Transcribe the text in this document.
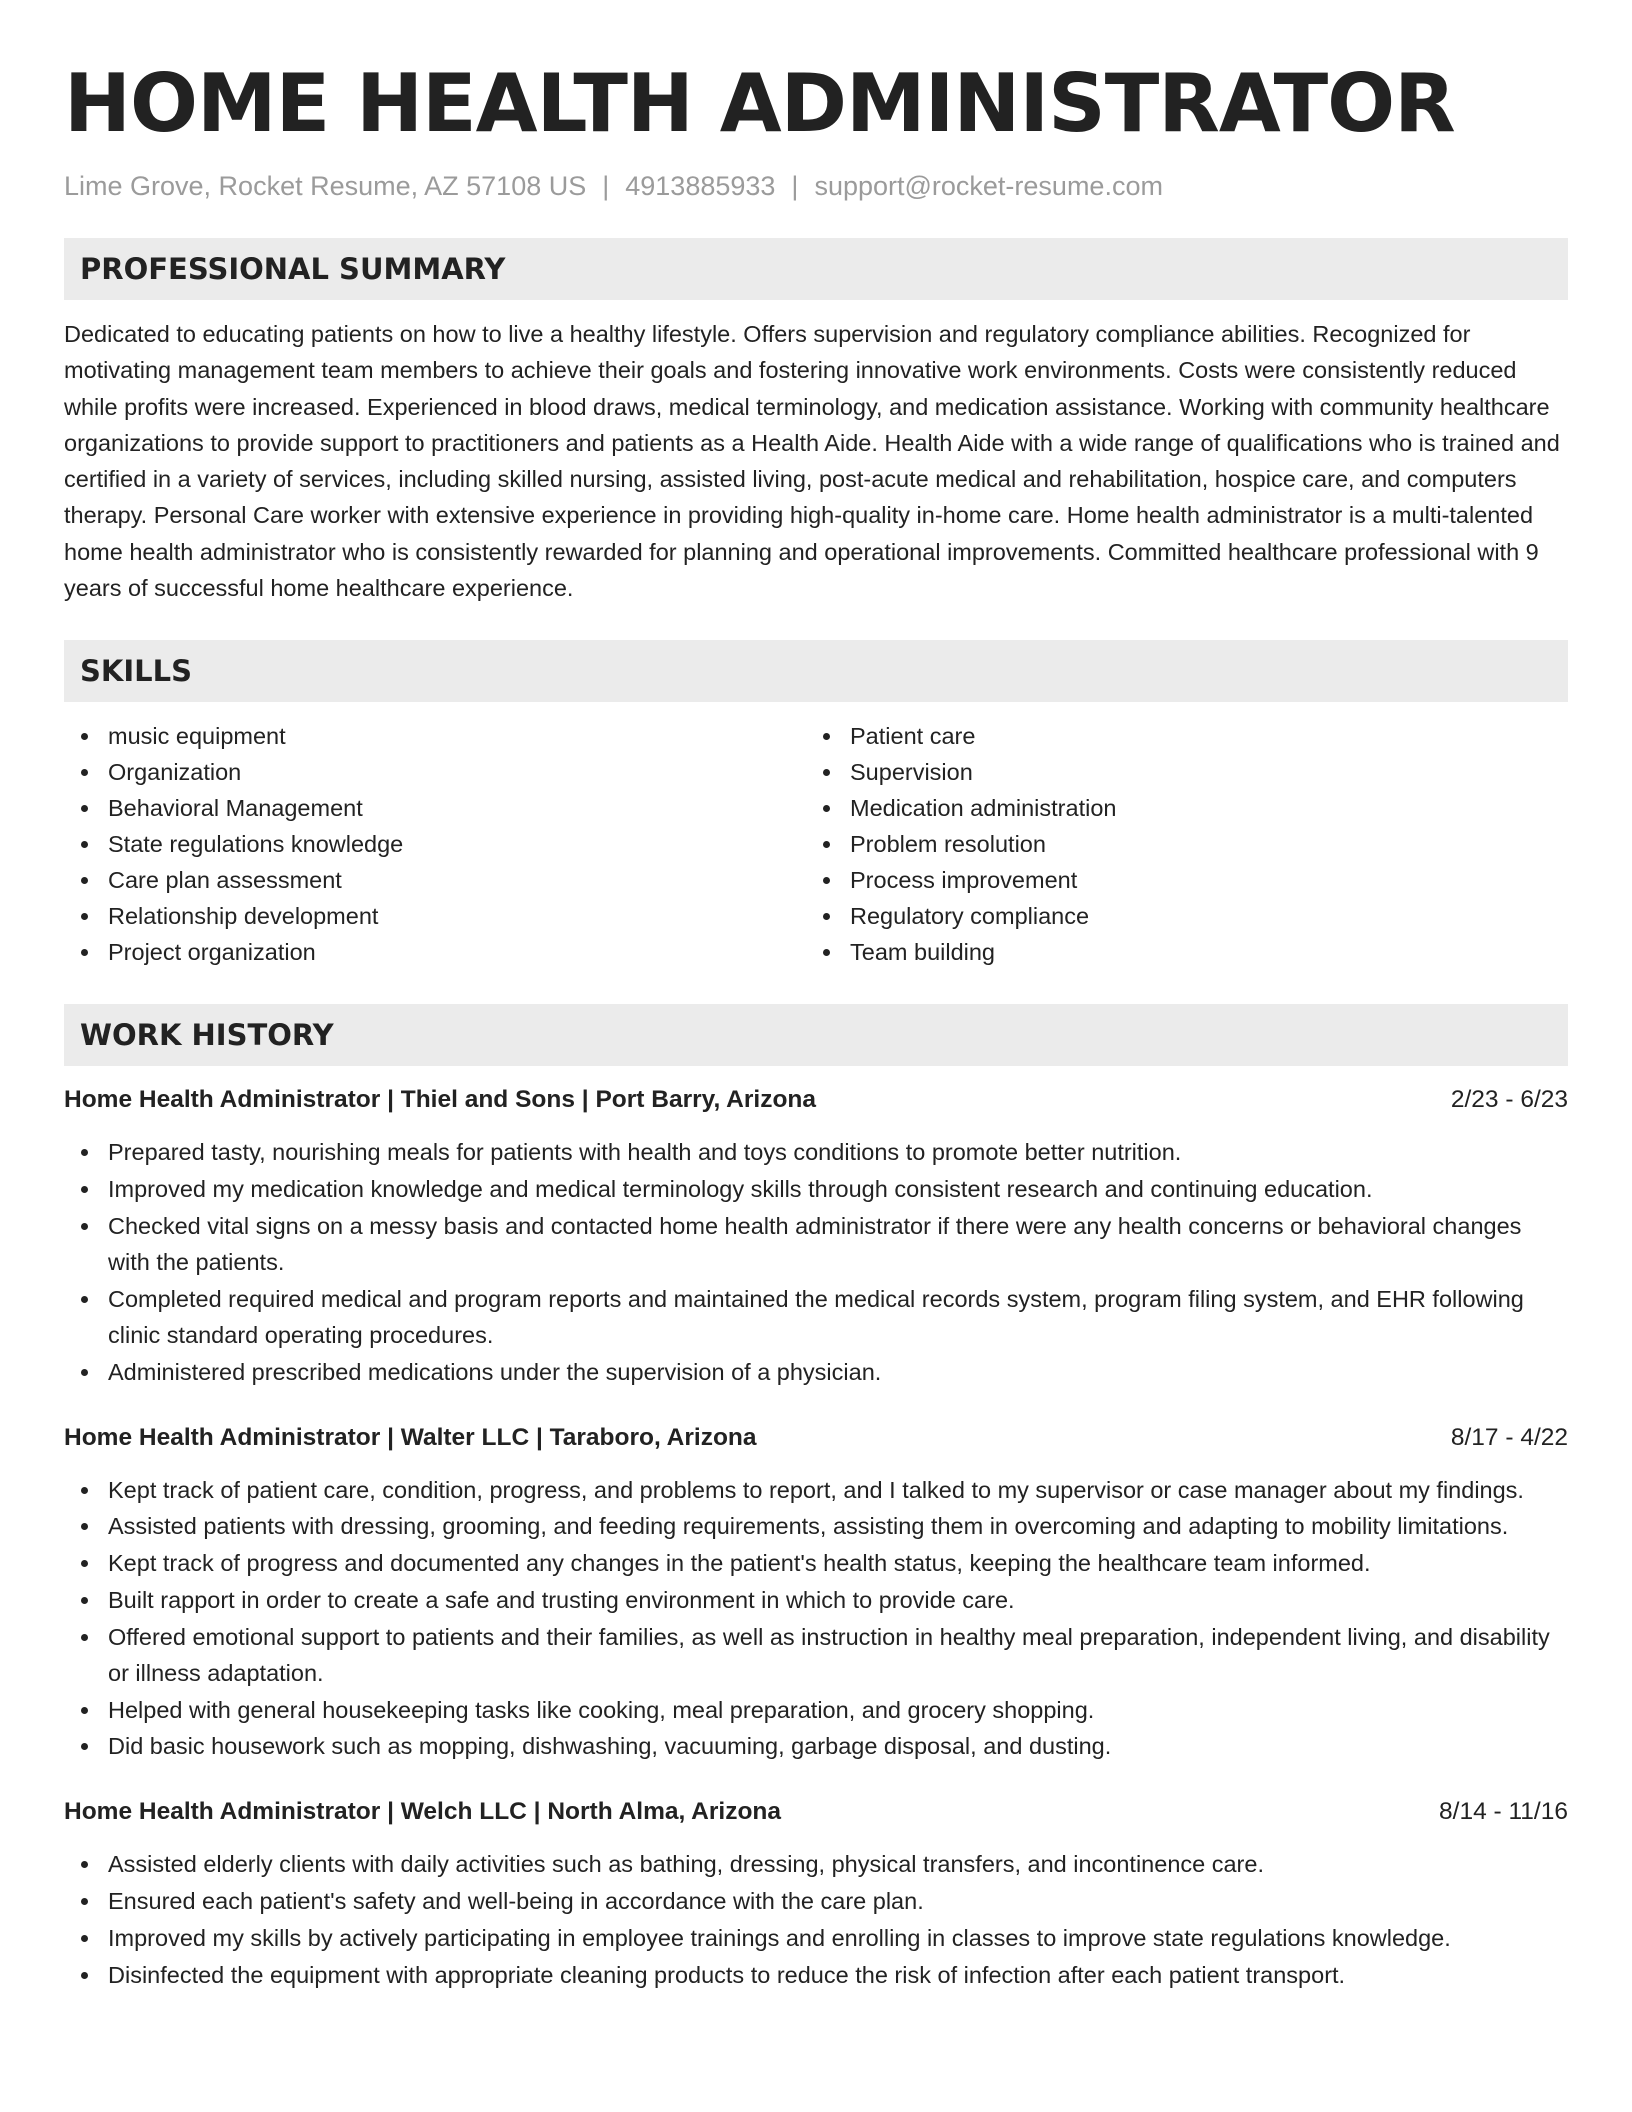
HOME HEALTH ADMINISTRATOR
Lime Grove, Rocket Resume, AZ 57108 US | 4913885933 | support@rocket-resume.com
PROFESSIONAL SUMMARY

Dedicated to educating patients on how to live a healthy lifestyle. Offers supervision and regulatory compliance abilities. Recognized for motivating management team members to achieve their goals and fostering innovative work environments. Costs were consistently reduced while profits were increased. Experienced in blood draws, medical terminology, and medication assistance. Working with community healthcare organizations to provide support to practitioners and patients as a Health Aide. Health Aide with a wide range of qualifications who is trained and certified in a variety of services, including skilled nursing, assisted living, post-acute medical and rehabilitation, hospice care, and computers therapy. Personal Care worker with extensive experience in providing high-quality in-home care. Home health administrator is a multi-talented home health administrator who is consistently rewarded for planning and operational improvements. Committed healthcare professional with 9 years of successful home healthcare experience.

SKILLS
music equipment
Organization
Behavioral Management
State regulations knowledge
Care plan assessment
Relationship development
Project organization
Patient care
Supervision
Medication administration
Problem resolution
Process improvement
Regulatory compliance
Team building
WORK HISTORY
Home Health Administrator | Thiel and Sons | Port Barry, Arizona	2/23 - 6/23
Prepared tasty, nourishing meals for patients with health and toys conditions to promote better nutrition.
Improved my medication knowledge and medical terminology skills through consistent research and continuing education.
Checked vital signs on a messy basis and contacted home health administrator if there were any health concerns or behavioral changes with the patients.
Completed required medical and program reports and maintained the medical records system, program filing system, and EHR following clinic standard operating procedures.
Administered prescribed medications under the supervision of a physician.
Home Health Administrator | Walter LLC | Taraboro, Arizona	8/17 - 4/22
Kept track of patient care, condition, progress, and problems to report, and I talked to my supervisor or case manager about my findings.
Assisted patients with dressing, grooming, and feeding requirements, assisting them in overcoming and adapting to mobility limitations.
Kept track of progress and documented any changes in the patient's health status, keeping the healthcare team informed.
Built rapport in order to create a safe and trusting environment in which to provide care.
Offered emotional support to patients and their families, as well as instruction in healthy meal preparation, independent living, and disability or illness adaptation.
Helped with general housekeeping tasks like cooking, meal preparation, and grocery shopping.
Did basic housework such as mopping, dishwashing, vacuuming, garbage disposal, and dusting.
Home Health Administrator | Welch LLC | North Alma, Arizona	8/14 - 11/16
Assisted elderly clients with daily activities such as bathing, dressing, physical transfers, and incontinence care.
Ensured each patient's safety and well-being in accordance with the care plan.
Improved my skills by actively participating in employee trainings and enrolling in classes to improve state regulations knowledge.
Disinfected the equipment with appropriate cleaning products to reduce the risk of infection after each patient transport.
